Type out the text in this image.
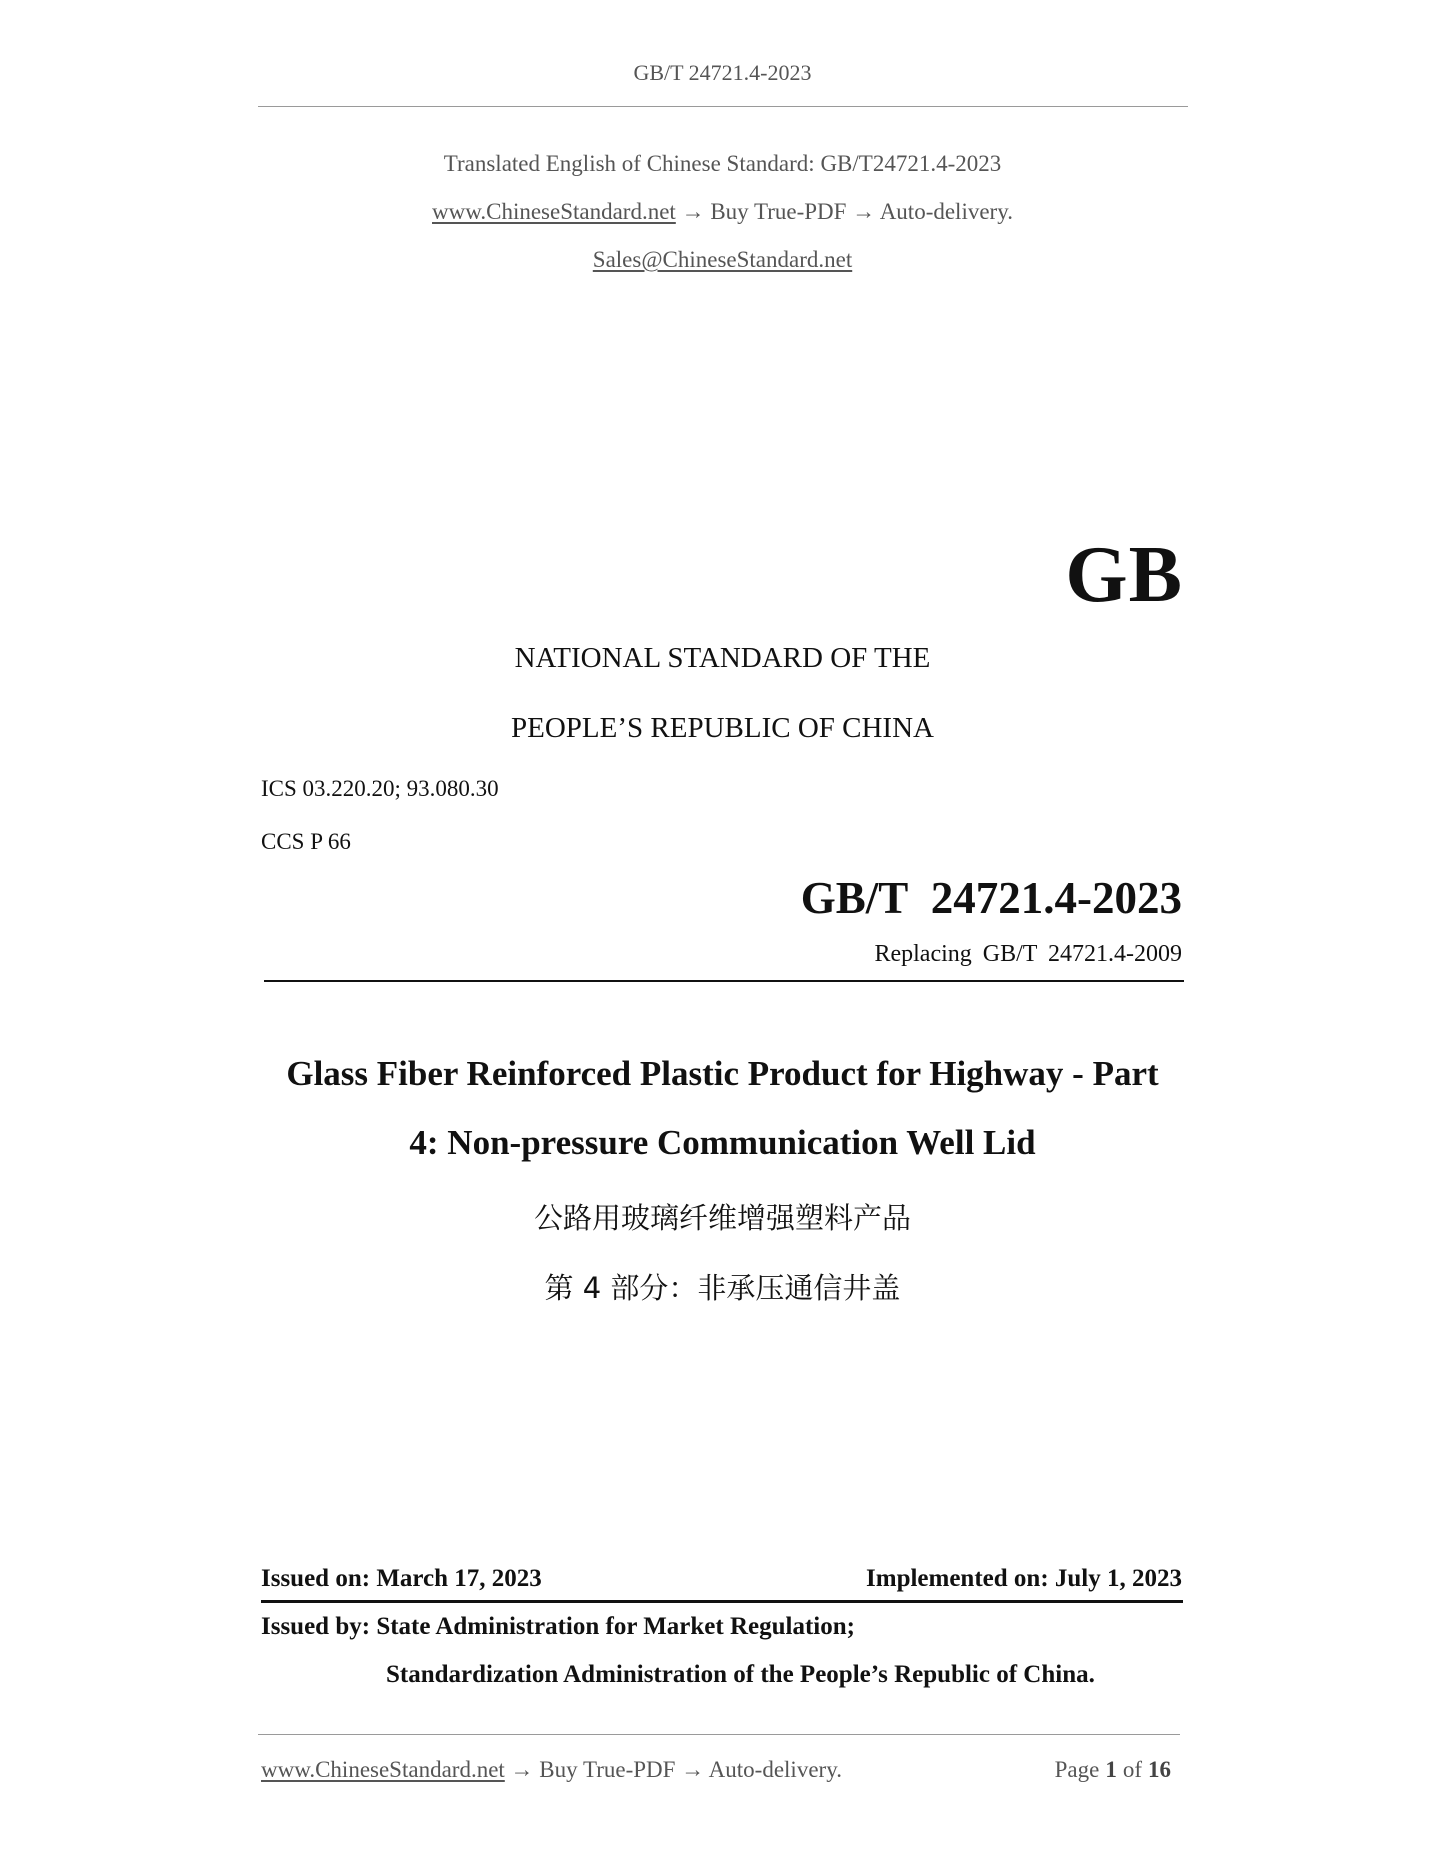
GB/T 24721.4-2023
Translated English of Chinese Standard: GB/T24721.4-2023
www.ChineseStandard.net → Buy True-PDF → Auto-delivery.
Sales@ChineseStandard.net
GB
NATIONAL STANDARD OF THE
PEOPLE’S REPUBLIC OF CHINA
ICS 03.220.20; 93.080.30
CCS P 66
GB/T 24721.4-2023
Replacing GB/T 24721.4-2009
Glass Fiber Reinforced Plastic Product for Highway - Part
4: Non-pressure Communication Well Lid
公路用玻璃纤维增强塑料产品
第 4 部分：非承压通信井盖
Issued on: March 17, 2023	Implemented on: July 1, 2023
Issued by: State Administration for Market Regulation;
Standardization Administration of the People’s Republic of China.
www.ChineseStandard.net → Buy True-PDF → Auto-delivery.	Page 1 of 16
